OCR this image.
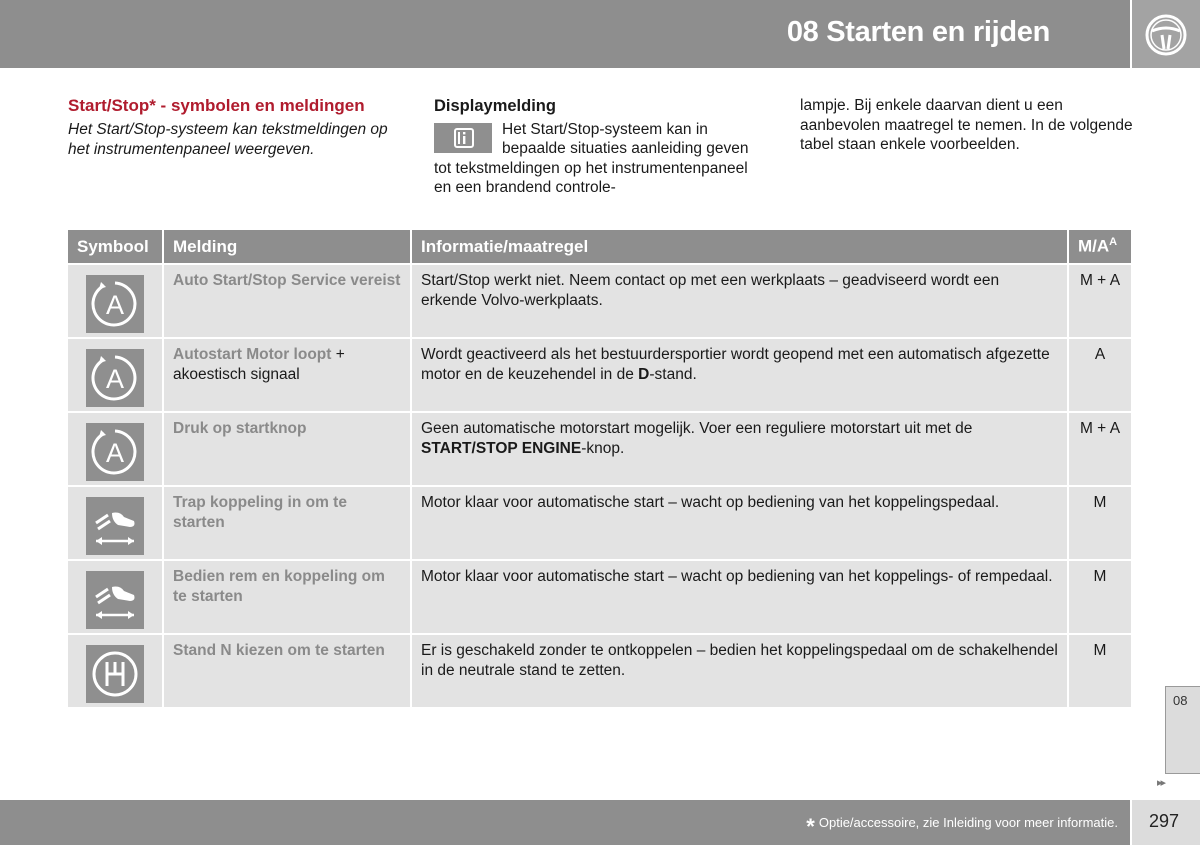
08 Starten en rijden
Start/Stop* - symbolen en meldingen

Het Start/Stop-systeem kan tekstmeldingen op het instrumentenpaneel weergeven.

Displaymelding
Het Start/Stop-systeem kan in bepaalde situaties aanleiding geven tot tekstmeldingen op het instrumentenpaneel en een brandend controle-
lampje. Bij enkele daarvan dient u een aanbevolen maatregel te nemen. In de volgende tabel staan enkele voorbeelden.
Symbool	Melding	Informatie/maatregel	$M/A^A$

A	Auto Start/Stop Service vereist	Start/Stop werkt niet. Neem contact op met een werkplaats – geadviseerd wordt een erkende Volvo-werkplaats.	M + A

A	Autostart Motor loopt + akoestisch signaal	Wordt geactiveerd als het bestuurdersportier wordt geopend met een automatisch afgezette motor en de keuzehendel in de D-stand.	A

A	Druk op startknop	Geen automatische motorstart mogelijk. Voer een reguliere motorstart uit met de START/STOP ENGINE-knop.	M + A

	Trap koppeling in om te starten	Motor klaar voor automatische start – wacht op bediening van het koppelingspedaal.	M

	Bedien rem en koppeling om te starten	Motor klaar voor automatische start – wacht op bediening van het koppelings- of rempedaal.	M

	Stand N kiezen om te starten	Er is geschakeld zonder te ontkoppelen – bedien het koppelingspedaal om de schakelhendel in de neutrale stand te zetten.	M
08
▸▸
* Optie/accessoire, zie Inleiding voor meer informatie. 297
